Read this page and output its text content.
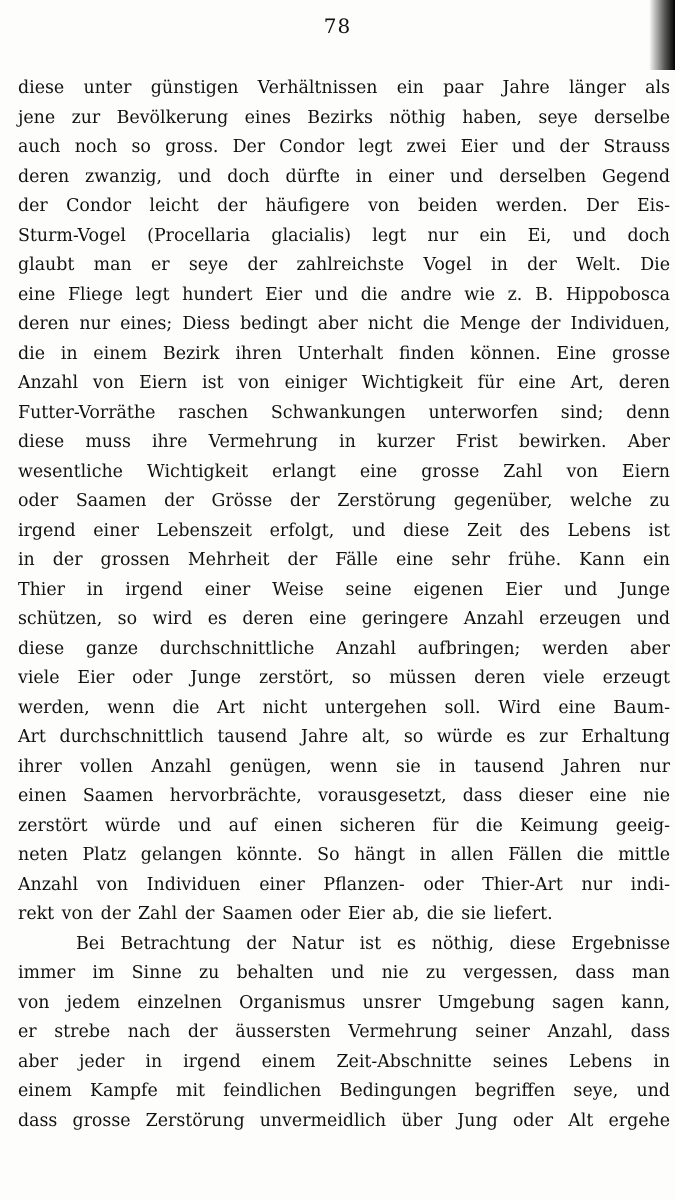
78
diese unter günstigen Verhältnissen ein paar Jahre länger als
jene zur Bevölkerung eines Bezirks nöthig haben, seye derselbe
auch noch so gross. Der Condor legt zwei Eier und der Strauss
deren zwanzig, und doch dürfte in einer und derselben Gegend
der Condor leicht der häufigere von beiden werden. Der Eis-
Sturm-Vogel (Procellaria glacialis) legt nur ein Ei, und doch
glaubt man er seye der zahlreichste Vogel in der Welt. Die
eine Fliege legt hundert Eier und die andre wie z. B. Hippobosca
deren nur eines; Diess bedingt aber nicht die Menge der Individuen,
die in einem Bezirk ihren Unterhalt finden können. Eine grosse
Anzahl von Eiern ist von einiger Wichtigkeit für eine Art, deren
Futter-Vorräthe raschen Schwankungen unterworfen sind; denn
diese muss ihre Vermehrung in kurzer Frist bewirken. Aber
wesentliche Wichtigkeit erlangt eine grosse Zahl von Eiern
oder Saamen der Grösse der Zerstörung gegenüber, welche zu
irgend einer Lebenszeit erfolgt, und diese Zeit des Lebens ist
in der grossen Mehrheit der Fälle eine sehr frühe. Kann ein
Thier in irgend einer Weise seine eigenen Eier und Junge
schützen, so wird es deren eine geringere Anzahl erzeugen und
diese ganze durchschnittliche Anzahl aufbringen; werden aber
viele Eier oder Junge zerstört, so müssen deren viele erzeugt
werden, wenn die Art nicht untergehen soll. Wird eine Baum-
Art durchschnittlich tausend Jahre alt, so würde es zur Erhaltung
ihrer vollen Anzahl genügen, wenn sie in tausend Jahren nur
einen Saamen hervorbrächte, vorausgesetzt, dass dieser eine nie
zerstört würde und auf einen sicheren für die Keimung geeig-
neten Platz gelangen könnte. So hängt in allen Fällen die mittle
Anzahl von Individuen einer Pflanzen- oder Thier-Art nur indi-
rekt von der Zahl der Saamen oder Eier ab, die sie liefert.
Bei Betrachtung der Natur ist es nöthig, diese Ergebnisse
immer im Sinne zu behalten und nie zu vergessen, dass man
von jedem einzelnen Organismus unsrer Umgebung sagen kann,
er strebe nach der äussersten Vermehrung seiner Anzahl, dass
aber jeder in irgend einem Zeit-Abschnitte seines Lebens in
einem Kampfe mit feindlichen Bedingungen begriffen seye, und
dass grosse Zerstörung unvermeidlich über Jung oder Alt ergehe
